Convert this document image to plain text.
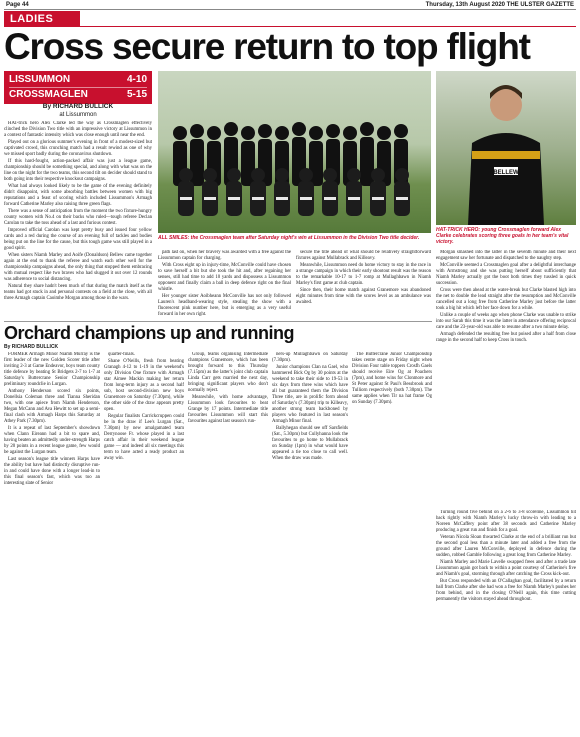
Page 44	Thursday, 13th August 2020 THE ULSTER GAZETTE
LADIES
Cross secure return to top flight
LISSUMMON	4-10
CROSSMAGLEN	5-15
By RICHARD BULLICK
at Lissummon

HAT-trick hero Alex Clarke led the way as Crossmaglen effectively clinched the Division Two title with an impressive victory at Lissummon in a contest of fantastic intensity which was close enough until near the end.

Played out on a glorious summer's evening in front of a modest-sized but captivated crowd, this crunching match had a result rewind as one of why we missed sport badly during the coronavirus shutdown.

If this hard-fought, action-packed affair was just a league game, championship should be something special, and along with what was on the line on the night for the two teams, this second tilt on decider should stand to both going into their respective knockout campaigns.

What had always looked likely to be the game of the evening definitely didn't disappoint, with some absorbing battles between women with big reputations and a feast of scoring which included Lissummon's Armagh forward Catherine Marley also raising three green flags.

There was a sense of anticipation from the moment the two fixture-hungry county women with No.4 on their backs who ruled—tough referee Declan Carolan to take the toss ahead of a last and furious contest.

Improved official Carolan was kept pretty busy and issued four yellow cards and a red during the course of an evening full of tackles and bodies being put on the line for the cause, but this tough game was still played in a good spirit.

When sisters Niamh Marley and Aoife (Donaldson) Bellew came together again at the end to thank the referee and watch each other well for the championship campaigns ahead, the only thing that stopped them embracing with mutual respect like two braves who had slugged it out over 12 rounds was adherence to social distancing.

Natural they share hadn't been much of that during the match itself as the teams had got stuck in and personal contests on a field at the close, with all three Armagh captain Caoimhe Morgan among those in the wars.

ALL SMILES: the Crossmaglen team after Saturday night's win at Lissummon in the Division Two title decider.

path last on, when her bravery was awarded with a free against the Lissummon captain for charging.

With Cross eight up in injury-time, McConville could have chosen to save herself a bit but she took the hit and, after regaining her senses, still had time to add 10 yards and dispossess a Lissummon opponent and finally claim a ball in deep defence right on the final whistle.

Her younger sister Aoibheann McConville has not only followed Lauren's headband-wearing style, stealing the show with a fluorescent pink number here, but is emerging as a very useful forward in her own right.

secure the title ahead of what should be relatively straightforward fixtures against Mullabrack and Killeavy.

Meanwhile, Lissummon need do home victory to stay in the race in a strange campaign in which their early shootout result was the reason to the remarkable 10-17 to 1-7 romp at Mullaghbawn in Niamh Marley's first game at club captain.

Since then, their home match against Granemore was abandoned eight minutes from time with the scores level as an ambulance was awaited.

BELLEW
HAT-TRICK HERO: young Crossmaglen forward Alex Clarke celebrates scoring three goals in her team's vital victory.

Morgan smashed into the latter in the seventh minute and their next engagement saw her fortunate and dispatched to the naughty step.

McConville seemed a Crossmaglen goal after a delightful interchange with Armstrong and she was putting herself about sufficiently that Niamh Marley actually got the boot both times they tussled in quick succession.

Cross were then ahead at the water-break but Clarke blasted high into the net to double the lead straight after the resumption and McConville cancelled out a long free from Catherine Marley just before the latter took a big hit which left her face down for a while.

Unlike a couple of weeks ago when phone Clarke was unable to strike into our Sarah this time it was the latter in attendance offering reciprocal care and the 23-year-old was able to resume after a two minute delay.

Armagh defended the resulting free but poised after a half from close range in the second half to keep Cross in touch.

Turning round five behind on a 2-6 to 3-8 scoreline, Lissummon hit back rightly with Niamh Marley's lucky throw-in with leading to a Noreen McCaffery point after 38 seconds and Catherine Marley producing a great run and finish for a goal.

Veteran Nicola Sloan thwarted Clarke at the end of a brilliant run but the second goal less than a minute later and added a free from the ground after Lauren McConville, deployed in defence during the sudden, robbed Gamble following a great long from Catherine Marley.

Niamh Marley and Marie Lavelle swapped frees and after a trade late Lissummon again got back to within a point courtesy of Catherine's five and Niamh's goal, storming through after catching the Cross kick-out.

But Cross responded with an O'Callaghan goal, facilitated by a return ball from Clarke after she had won a free for Niamh Marley's pushes her from behind, and in the closing O'Neill again, this time cutting permanently the visitors stayed ahead throughout.

Orchard champions up and running
By RICHARD BULLICK

FORMER Armagh Minor Niamh Murray is the first leader of the new Golden Scorer title after inviting 2-3 at Game Endeavor, boys team county title defence by beating St Bridgets 2-7 to 1-7 at Saturday's Buttercrane Senior Championship preliminary roundclie in Lurgan.

Anthony Henderson scored six points, Donellsia Coleman three and Tianna Sheridan two, with one apiece from Niamh Henderson, Megan McCann and Ava Hewitt to set up a semi-final clash with Armagh Harps this Saturday at Athey Park (7.30pm).

It is a repeat of last September's showdown when Clann Eireann had a bit to spare and, having beaten an admittedly under-strength Harps by 20 points in a recent league game, few would be against the Lurgan team.

Last season's league title winners Harps have the ability but have had distinctly disruptive run-in and could have done with a longer lead-in to this final season's fast, which was too an interesting slate of Senior

quarter-finals.

Shane O'Neills, fresh from beating Granagh 4-12 to 1-19 in the weekend's only Division One fixture with Armagh star Aimee Mackin making her return from long-term injury as a second half sub, host second-division new boys Granemore on Saturday (7.30pm), while the other side of the draw appears pretty open.

Regular finalists Carrickcruppen could be in the draw if Lee's Lurgan (Sat., 7.30pm) by new amalgamated team Derrynoose Fr. whose played in a last catch affair in their weekend league game — and indeed all six meetings this term to have acted a ready product an away win.

Group, teams organising Intermediate champions Granemore, which has been brought forward to this Thursday (7.15pm) as the latter's joint club captain Linda Carr gets married the next day, bringing significant players who don't normally reject.

Meanwhile, with home advantage, Lissummon look favourites to beat Grange by 17 points. Intermediate title favourites Lissummon will start this favourites against last season's run-

ners-up Mullaghbawn on Saturday (7.30pm).

Junior champions Clan na Gael, who hammered Bick Og by 30 points at the weekend to take their side to 19-53 in six days from three wins which have all but guaranteed them the Division Three title, are in prolific form ahead of Saturday's (7.30pm) trip to Killeavy, another strong team backboned by players who featured in last season's Armagh Minor final.

Ballyhegan should see off Sarsfields (Sat., 5.30pm) but Cullyhanna look the favourites to go home to Mullabrack on Sunday (1pm) in what would have appeared a tie too close to call well. When the draw was made.

The Buttercrane Junior Championship takes centre stage on Friday night when Division Four table toppers Crosfh Gaels should receive Eire Og at Poachers (7pm), and home wins for Clonmore and St Peter against St Paul's Bessbrook and Tulliorn respectively (both 7.30pm). The same applies when Tir na hat frame Og on Sunday (7.30pm).
